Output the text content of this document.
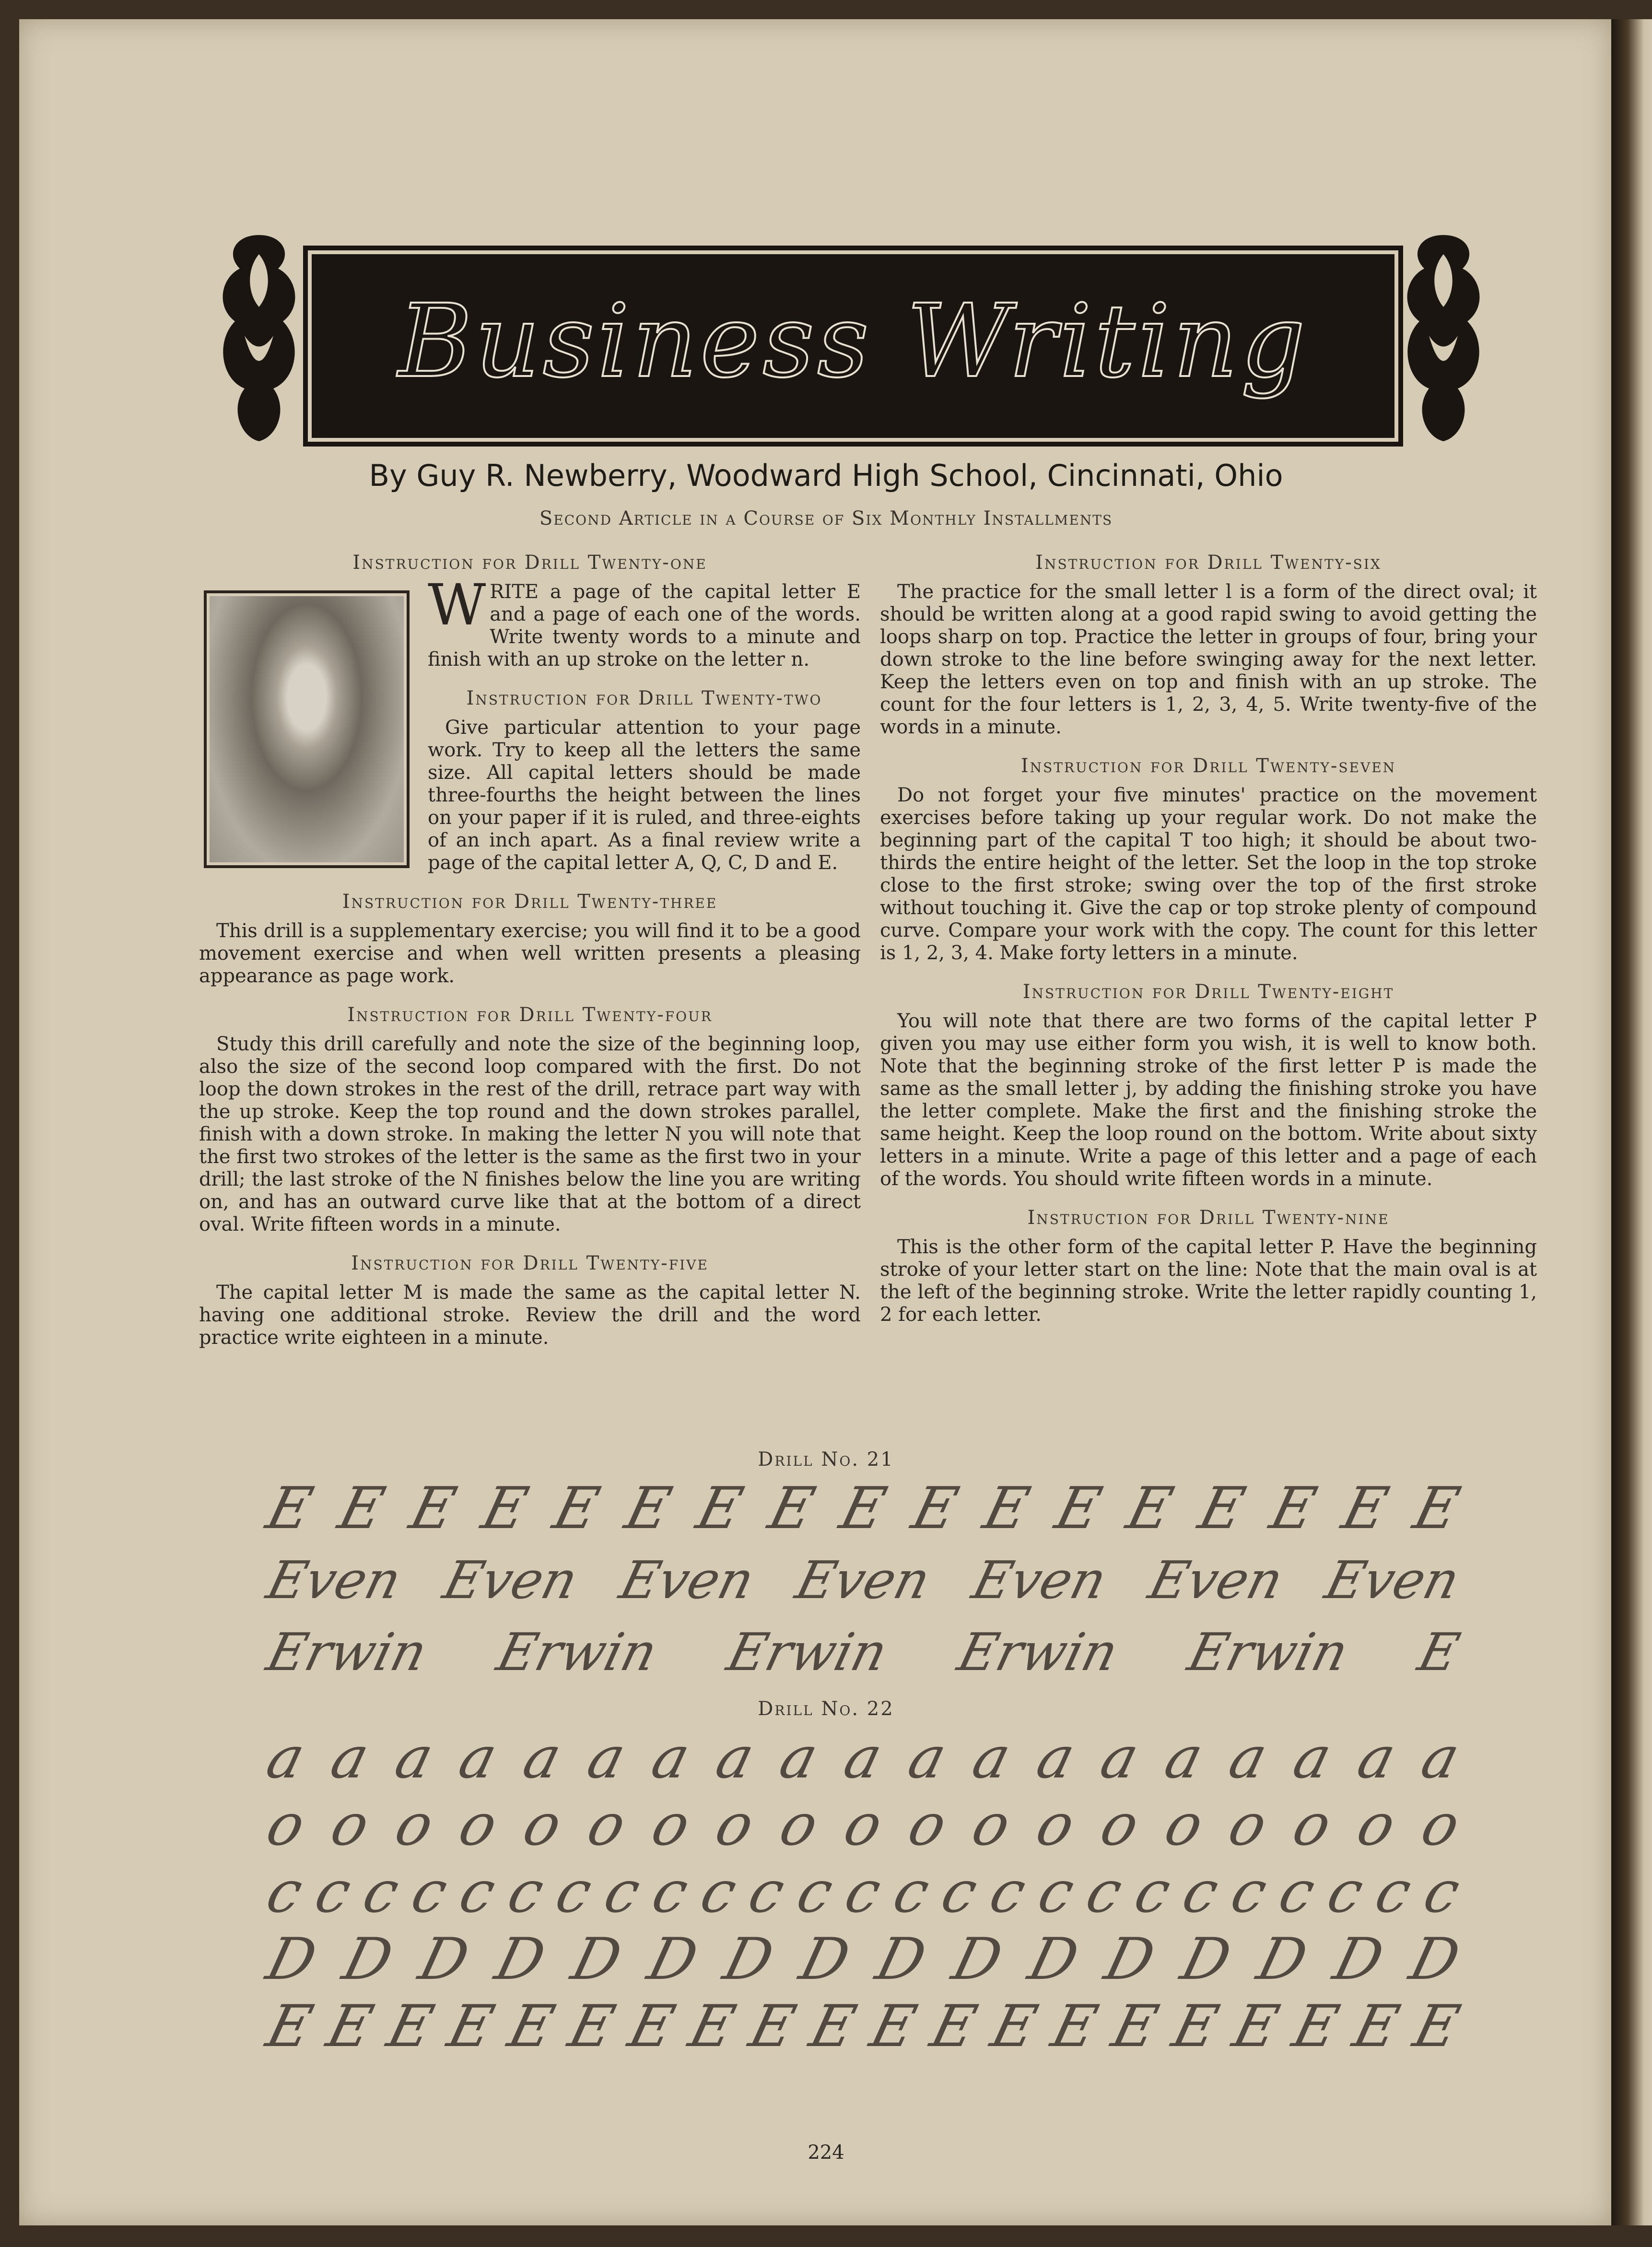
Business Writing
By Guy R. Newberry, Woodward High School, Cincinnati, Ohio
Second Article in a Course of Six Monthly Installments
Instruction for Drill Twenty-one

WRITE a page of the capital letter E and a page of each one of the words. Write twenty words to a minute and finish with an up stroke on the letter n.

Instruction for Drill Twenty-two

Give particular attention to your page work. Try to keep all the letters the same size. All capital letters should be made three-fourths the height between the lines on your paper if it is ruled, and three-eights of an inch apart. As a final review write a page of the capital letter A, Q, C, D and E.

Instruction for Drill Twenty-three

This drill is a supplementary exercise; you will find it to be a good movement exercise and when well written presents a pleasing appearance as page work.

Instruction for Drill Twenty-four

Study this drill carefully and note the size of the beginning loop, also the size of the second loop compared with the first. Do not loop the down strokes in the rest of the drill, retrace part way with the up stroke. Keep the top round and the down strokes parallel, finish with a down stroke. In making the letter N you will note that the first two strokes of the letter is the same as the first two in your drill; the last stroke of the N finishes below the line you are writing on, and has an outward curve like that at the bottom of a direct oval. Write fifteen words in a minute.

Instruction for Drill Twenty-five

The capital letter M is made the same as the capital letter N. having one additional stroke. Review the drill and the word practice write eighteen in a minute.

Instruction for Drill Twenty-six

The practice for the small letter l is a form of the direct oval; it should be written along at a good rapid swing to avoid getting the loops sharp on top. Practice the letter in groups of four, bring your down stroke to the line before swinging away for the next letter. Keep the letters even on top and finish with an up stroke. The count for the four letters is 1, 2, 3, 4, 5. Write twenty-five of the words in a minute.

Instruction for Drill Twenty-seven

Do not forget your five minutes' practice on the movement exercises before taking up your regular work. Do not make the beginning part of the capital T too high; it should be about two-thirds the entire height of the letter. Set the loop in the top stroke close to the first stroke; swing over the top of the first stroke without touching it. Give the cap or top stroke plenty of compound curve. Compare your work with the copy. The count for this letter is 1, 2, 3, 4. Make forty letters in a minute.

Instruction for Drill Twenty-eight

You will note that there are two forms of the capital letter P given you may use either form you wish, it is well to know both. Note that the beginning stroke of the first letter P is made the same as the small letter j, by adding the finishing stroke you have the letter complete. Make the first and the finishing stroke the same height. Keep the loop round on the bottom. Write about sixty letters in a minute. Write a page of this letter and a page of each of the words. You should write fifteen words in a minute.

Instruction for Drill Twenty-nine

This is the other form of the capital letter P. Have the beginning stroke of your letter start on the line: Note that the main oval is at the left of the beginning stroke. Write the letter rapidly counting 1, 2 for each letter.

Drill No. 21
E E E E E E E E E E E E E E E E E
Even Even Even Even Even Even Even
Erwin Erwin Erwin Erwin Erwin E
Drill No. 22
a a a a a a a a a a a a a a a a a a a
o o o o o o o o o o o o o o o o o o o
c
c
c
c
c
c
c
c
c
c
c
c
c
c
c
c
c
c
c
c
c
c
c
c
c
D D D D D D D D D D D D D D D D
E E E E E E E E E E E E E E E E E E E E
224
